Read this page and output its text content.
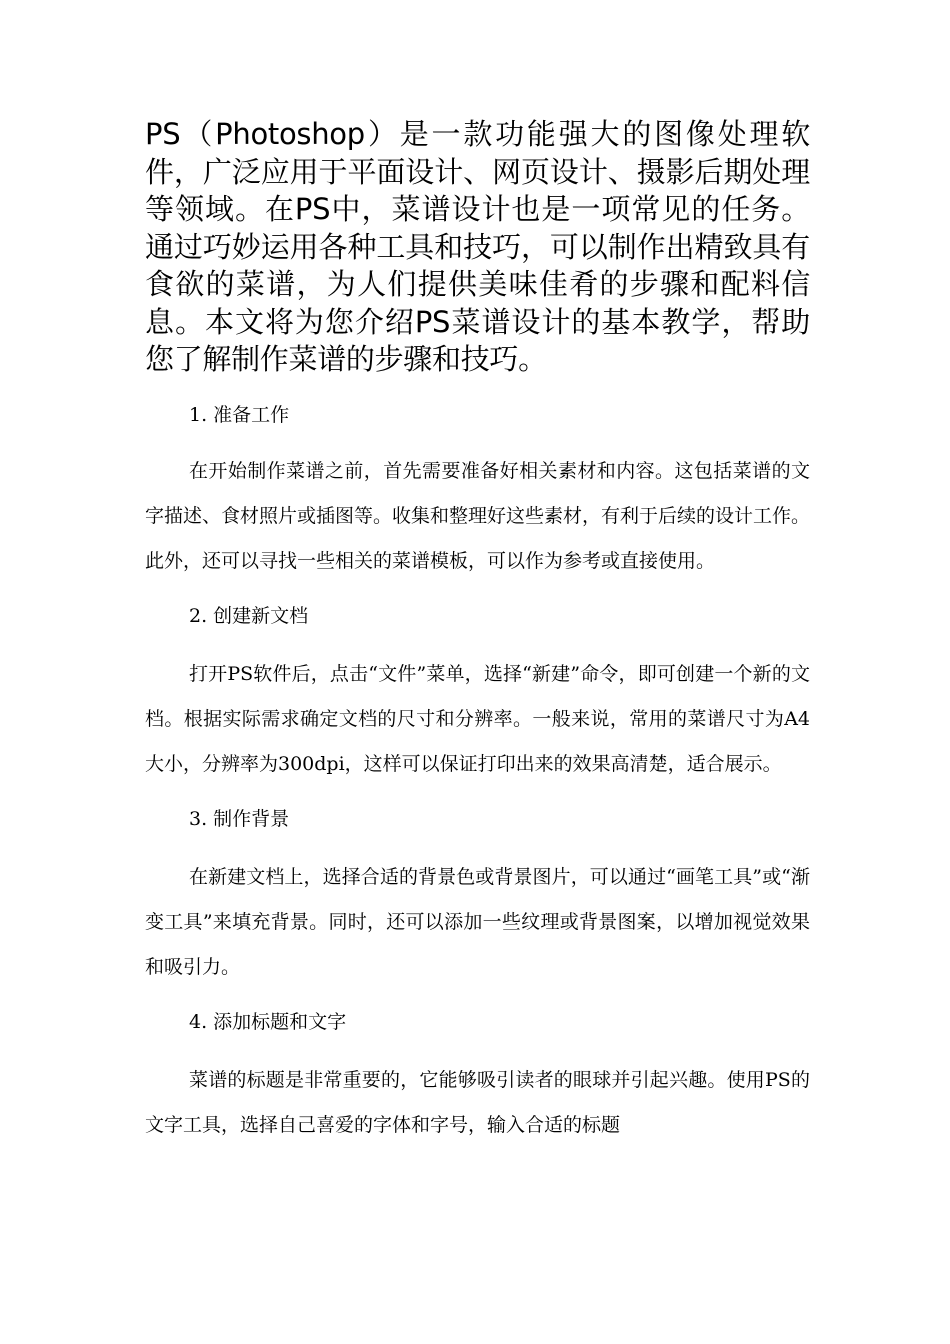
PS（Photoshop）是一款功能强大的图像处理软件，广泛应用于平面设计、网页设计、摄影后期处理等领域。在PS中，菜谱设计也是一项常见的任务。通过巧妙运用各种工具和技巧，可以制作出精致具有食欲的菜谱，为人们提供美味佳肴的步骤和配料信息。本文将为您介绍PS菜谱设计的基本教学，帮助您了解制作菜谱的步骤和技巧。

1. 准备工作

在开始制作菜谱之前，首先需要准备好相关素材和内容。这包括菜谱的文字描述、食材照片或插图等。收集和整理好这些素材，有利于后续的设计工作。此外，还可以寻找一些相关的菜谱模板，可以作为参考或直接使用。

2. 创建新文档

打开PS软件后，点击“文件”菜单，选择“新建”命令，即可创建一个新的文档。根据实际需求确定文档的尺寸和分辨率。一般来说，常用的菜谱尺寸为A4大小，分辨率为300dpi，这样可以保证打印出来的效果高清楚，适合展示。

3. 制作背景

在新建文档上，选择合适的背景色或背景图片，可以通过“画笔工具”或“渐变工具”来填充背景。同时，还可以添加一些纹理或背景图案，以增加视觉效果和吸引力。

4. 添加标题和文字

菜谱的标题是非常重要的，它能够吸引读者的眼球并引起兴趣。使用PS的文字工具，选择自己喜爱的字体和字号，输入合适的标题
